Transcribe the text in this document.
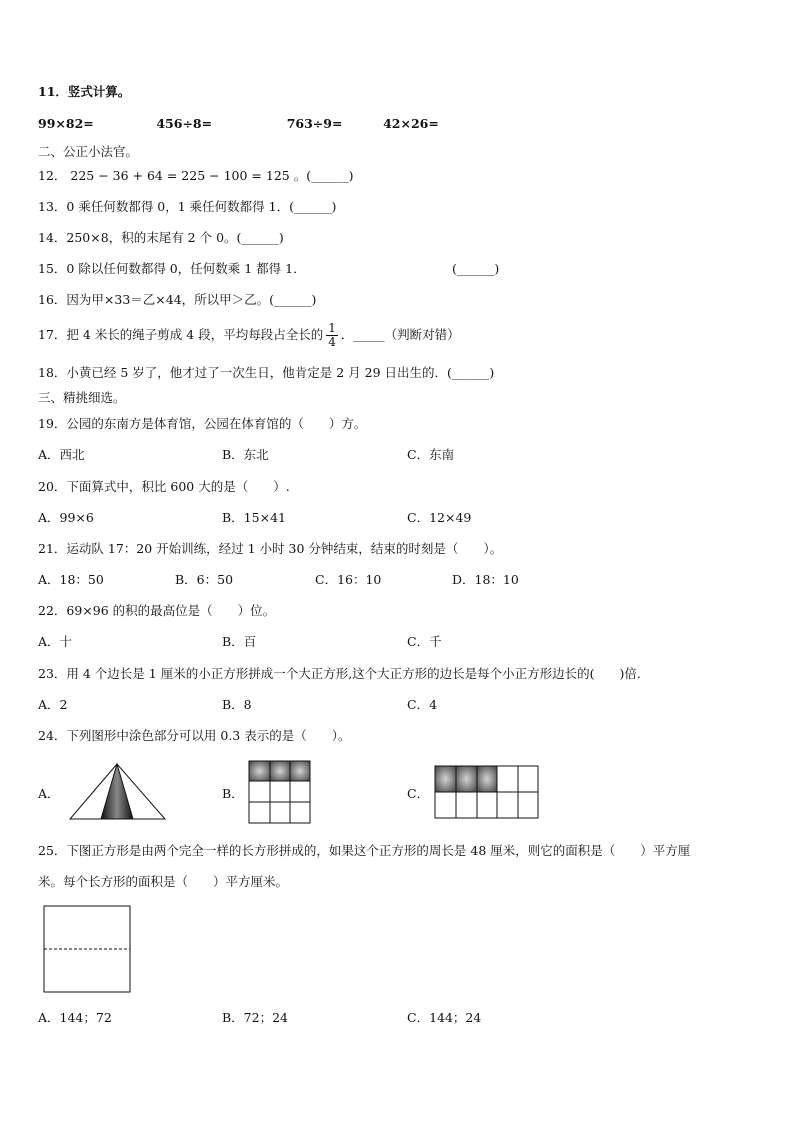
11．竖式计算。
99×82=	456÷8=	763÷9=	42×26=
二、公正小法官。
12． 225 − 36 + 64 = 225 − 100 = 125 。(______)
13．0 乘任何数都得 0，1 乘任何数都得 1．(______)
14．250×8，积的末尾有 2 个 0。(______)
15．0 除以任何数都得 0，任何数乘 1 都得 1．	(______)
16．因为甲×33＝乙×44，所以甲＞乙。(______)
17．把 4 米长的绳子剪成 4 段，平均每段占全长的 $\frac{1}{4}$ ．_____（判断对错）
18．小黄已经 5 岁了，他才过了一次生日，他肯定是 2 月 29 日出生的．(______)
三、精挑细选。
19．公园的东南方是体育馆，公园在体育馆的（　　）方。
A．西北	B．东北	C．东南
20．下面算式中，积比 600 大的是（　　）.
A．99×6	B．15×41	C．12×49
21．运动队 17：20 开始训练，经过 1 小时 30 分钟结束，结束的时刻是（　　）。
A．18：50	B．6：50	C．16：10	D．18：10
22．69×96 的积的最高位是（　　）位。
A．十	B．百	C．千
23．用 4 个边长是 1 厘米的小正方形拼成一个大正方形,这个大正方形的边长是每个小正方形边长的(　　)倍.
A．2	B．8	C．4
24．下列图形中涂色部分可以用 0.3 表示的是（　　）。
A．	B．	C．
25．下图正方形是由两个完全一样的长方形拼成的，如果这个正方形的周长是 48 厘米，则它的面积是（　　）平方厘
米。每个长方形的面积是（　　）平方厘米。
A．144；72	B．72；24	C．144；24
